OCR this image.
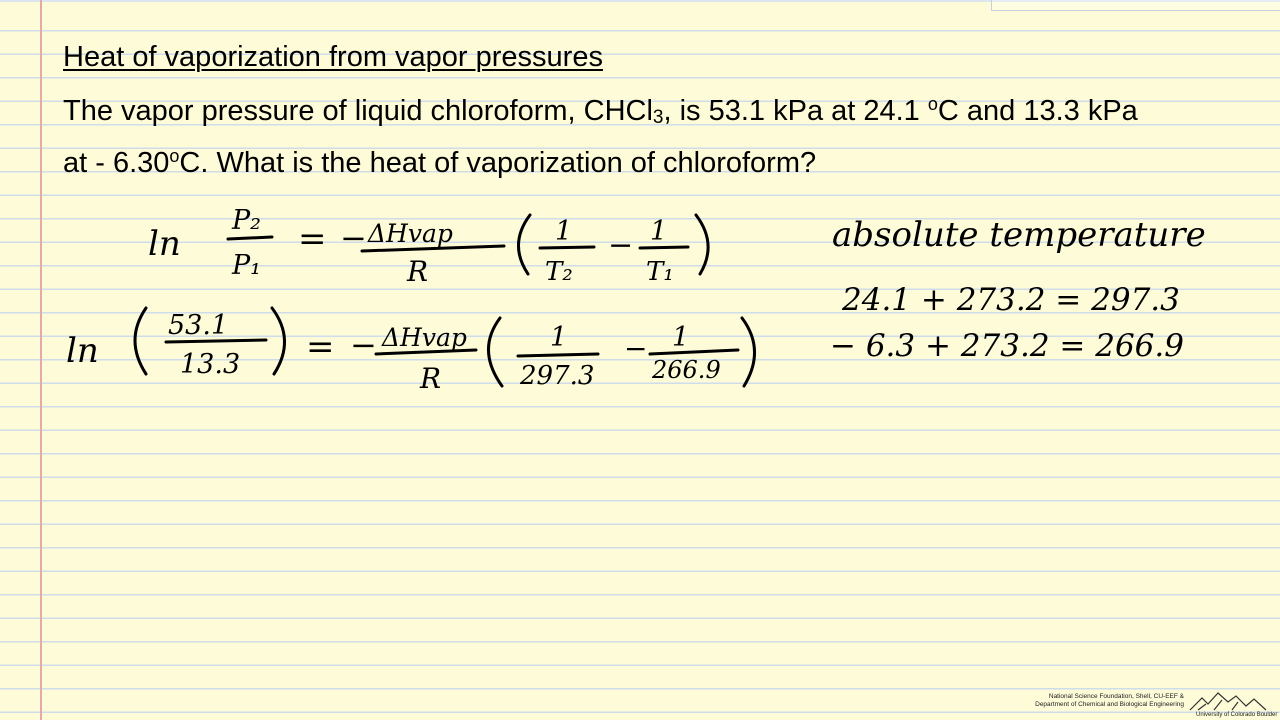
Heat of vaporization from vapor pressures
The vapor pressure of liquid chloroform, CHCl3, is 53.1 kPa at 24.1 $^o$C and 13.3 kPa
at - 6.30$^o$C. What is the heat of vaporization of chloroform?
ln
P₂
P₁
= − ΔHvap
R
1
T₂
− 1
T₁
ln
53.1
13.3 = − ΔHvap
R
1
297.3
− 1
266.9
absolute temperature
24.1 + 273.2 = 297.3
− 6.3 + 273.2 = 266.9
National Science Foundation, Shell, CU-EEF &
Department of Chemical and Biological Engineering
University of Colorado Boulder
